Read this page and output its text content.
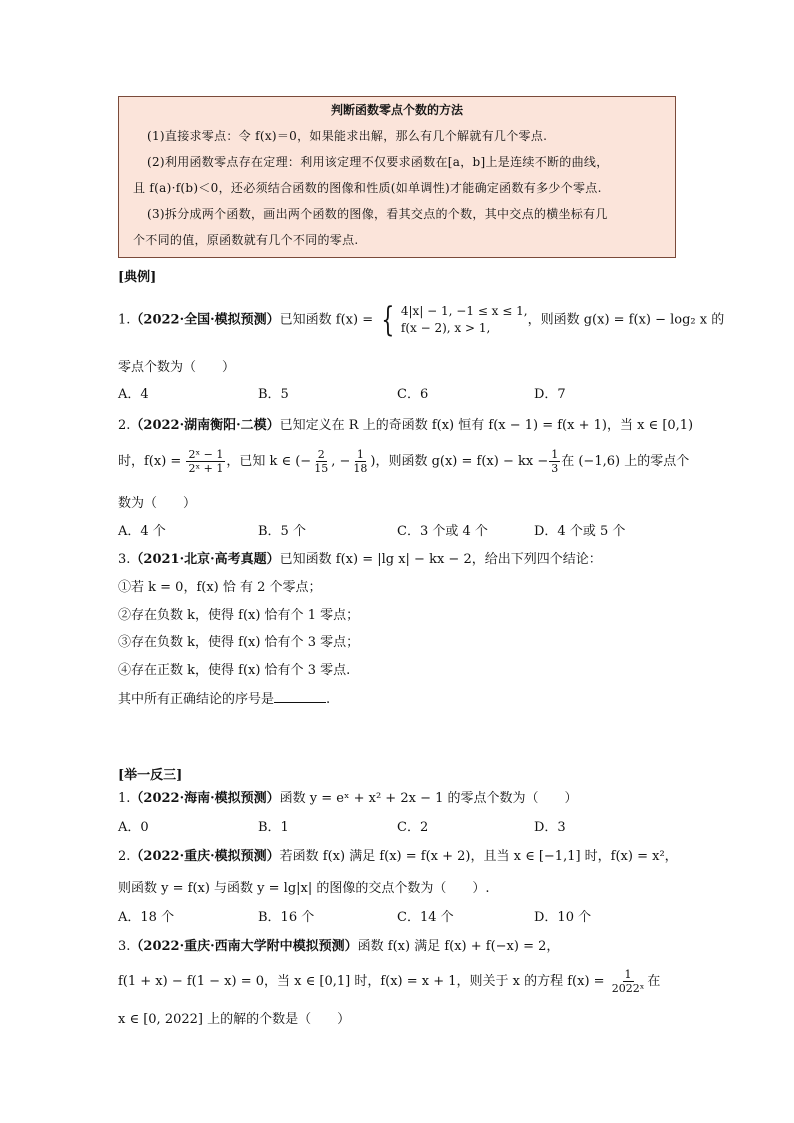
判断函数零点个数的方法
(1)直接求零点：令 f(x)＝0，如果能求出解，那么有几个解就有几个零点.
(2)利用函数零点存在定理：利用该定理不仅要求函数在[a，b]上是连续不断的曲线，
且 f(a)·f(b)＜0，还必须结合函数的图像和性质(如单调性)才能确定函数有多少个零点.
(3)拆分成两个函数，画出两个函数的图像，看其交点的个数，其中交点的横坐标有几
个不同的值，原函数就有几个不同的零点.
[典例]
1.（2022·全国·模拟预测）已知函数 f(x) = { 4|x| − 1, −1 ≤ x ≤ 1,
f(x − 2), x > 1,
，则函数 g(x) = f(x) − log₂ x 的
零点个数为（　　）
A．4	B．5	C．6	D．7
2.（2022·湖南衡阳·二模）已知定义在 R 上的奇函数 f(x) 恒有 f(x − 1) = f(x + 1)，当 x ∈ [0,1)
时，$f(x) = \frac{\text{2ˣ − 1}}{\text{2ˣ + 1}}$ ，已知 k ∈ (− $\frac{2}{15}$ , − $\frac{1}{18}$ )，则函数 g(x) = f(x) − kx − $\frac{1}{3}$ 在 (−1,6) 上的零点个
数为（　　）
A．4 个	B．5 个	C．3 个或 4 个	D．4 个或 5 个
3.（2021·北京·高考真题）已知函数 f(x) = |lg x| − kx − 2，给出下列四个结论：
①若 k = 0，f(x) 恰 有 2 个零点；
②存在负数 k，使得 f(x) 恰有个 1 零点；
③存在负数 k，使得 f(x) 恰有个 3 零点；
④存在正数 k，使得 f(x) 恰有个 3 零点.
其中所有正确结论的序号是	.
[举一反三]
1.（2022·海南·模拟预测）函数 y = eˣ + x² + 2x − 1 的零点个数为（　　）
A．0	B．1	C．2	D．3
2.（2022·重庆·模拟预测）若函数 f(x) 满足 f(x) = f(x + 2)，且当 x ∈ [−1,1] 时，f(x) = x²，
则函数 y = f(x) 与函数 y = lg|x| 的图像的交点个数为（　　）.
A．18 个	B．16 个	C．14 个	D．10 个
3.（2022·重庆·西南大学附中模拟预测）函数 f(x) 满足 f(x) + f(−x) = 2，
f(1 + x) − f(1 − x) = 0，当 x ∈ [0,1] 时，f(x) = x + 1，则关于 x 的方程 $f(x) = \frac{1}{\text{2022ˣ}}$ 在
x ∈ [0, 2022] 上的解的个数是（　　）
